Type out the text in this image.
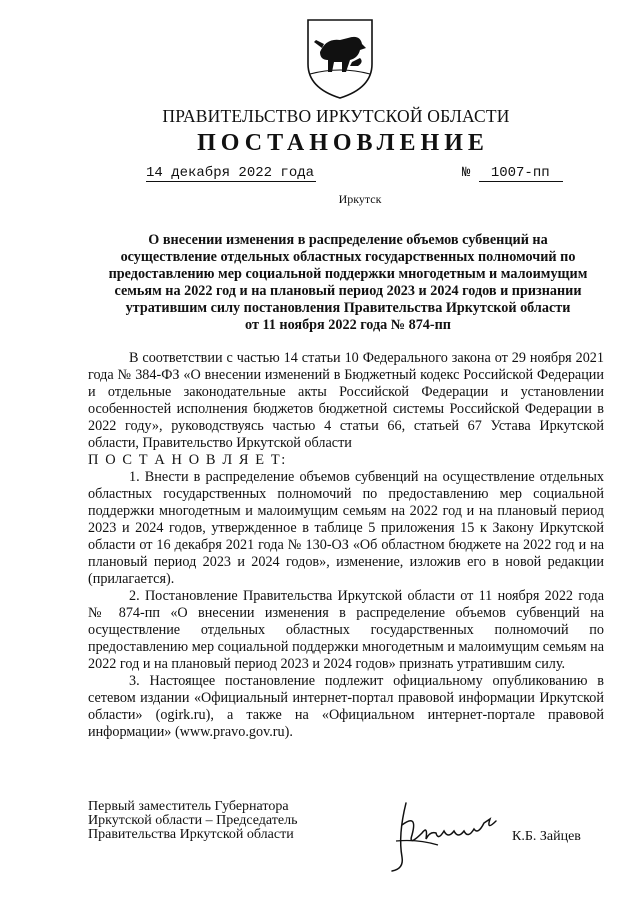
ПРАВИТЕЛЬСТВО ИРКУТСКОЙ ОБЛАСТИ
ПОСТАНОВЛЕНИЕ
14 декабря 2022 года	№ 1007-пп
Иркутск
О внесении изменения в распределение объемов субвенций на
осуществление отдельных областных государственных полномочий по
предоставлению мер социальной поддержки многодетным и малоимущим
семьям на 2022 год и на плановый период 2023 и 2024 годов и признании
утратившим силу постановления Правительства Иркутской области
от 11 ноября 2022 года № 874-пп

В соответствии с частью 14 статьи 10 Федерального закона от 29 ноября 2021 года № 384-ФЗ «О внесении изменений в Бюджетный кодекс Российской Федерации и отдельные законодательные акты Российской Федерации и установлении особенностей исполнения бюджетов бюджетной системы Российской Федерации в 2022 году», руководствуясь частью 4 статьи 66, статьей 67 Устава Иркутской области, Правительство Иркутской области

П О С Т А Н О В Л Я Е Т:

1. Внести в распределение объемов субвенций на осуществление отдельных областных государственных полномочий по предоставлению мер социальной поддержки многодетным и малоимущим семьям на 2022 год и на плановый период 2023 и 2024 годов, утвержденное в таблице 5 приложения 15 к Закону Иркутской области от 16 декабря 2021 года № 130-ОЗ «Об областном бюджете на 2022 год и на плановый период 2023 и 2024 годов», изменение, изложив его в новой редакции (прилагается).

2. Постановление Правительства Иркутской области от 11 ноября 2022 года № 874-пп «О внесении изменения в распределение объемов субвенций на осуществление отдельных областных государственных полномочий по предоставлению мер социальной поддержки многодетным и малоимущим семьям на 2022 год и на плановый период 2023 и 2024 годов» признать утратившим силу.

3. Настоящее постановление подлежит официальному опубликованию в сетевом издании «Официальный интернет-портал правовой информации Иркутской области» (ogirk.ru), а также на «Официальном интернет-портале правовой информации» (www.pravo.gov.ru).

Первый заместитель Губернатора
Иркутской области – Председатель
Правительства Иркутской области	К.Б. Зайцев
